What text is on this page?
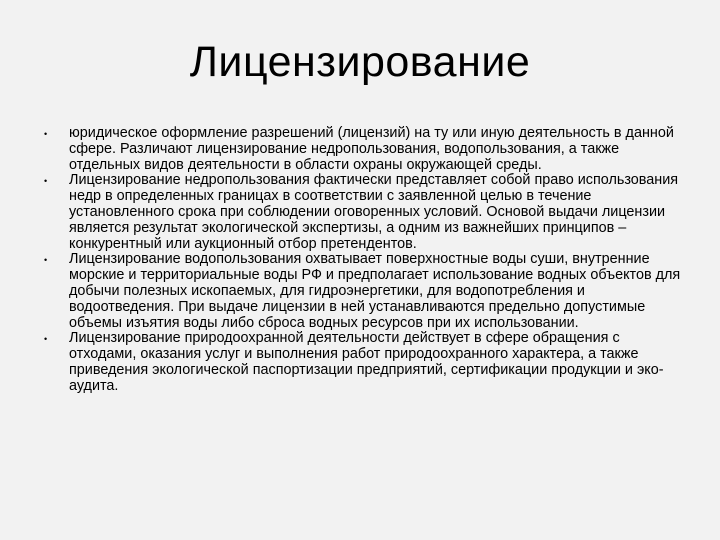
Лицензирование
• юридическое оформление разрешений (лицензий) на ту или иную деятельность в данной сфере. Различают лицензирование недропользования, водопользования, а также отдельных видов деятельности в области охраны окружающей среды.
• Лицензирование недропользования фактически представляет собой право использования недр в определенных границах в соответствии с заявленной целью в течение установленного срока при соблюдении оговоренных условий. Основой выдачи лицензии является результат экологической экспертизы, а одним из важнейших принципов – конкурентный или аукционный отбор претендентов.
• Лицензирование водопользования охватывает поверхностные воды суши, внутренние морские и территориальные воды РФ и предполагает использование водных объектов для добычи полезных ископаемых, для гидроэнергетики, для водопотребления и водоотведения. При выдаче лицензии в ней устанавливаются предельно допустимые объемы изъятия воды либо сброса водных ресурсов при их использовании.
• Лицензирование природоохранной деятельности действует в сфере обращения с отходами, оказания услуг и выполнения работ природоохранного характера, а также приведения экологической паспортизации предприятий, сертификации продукции и эко-аудита.
